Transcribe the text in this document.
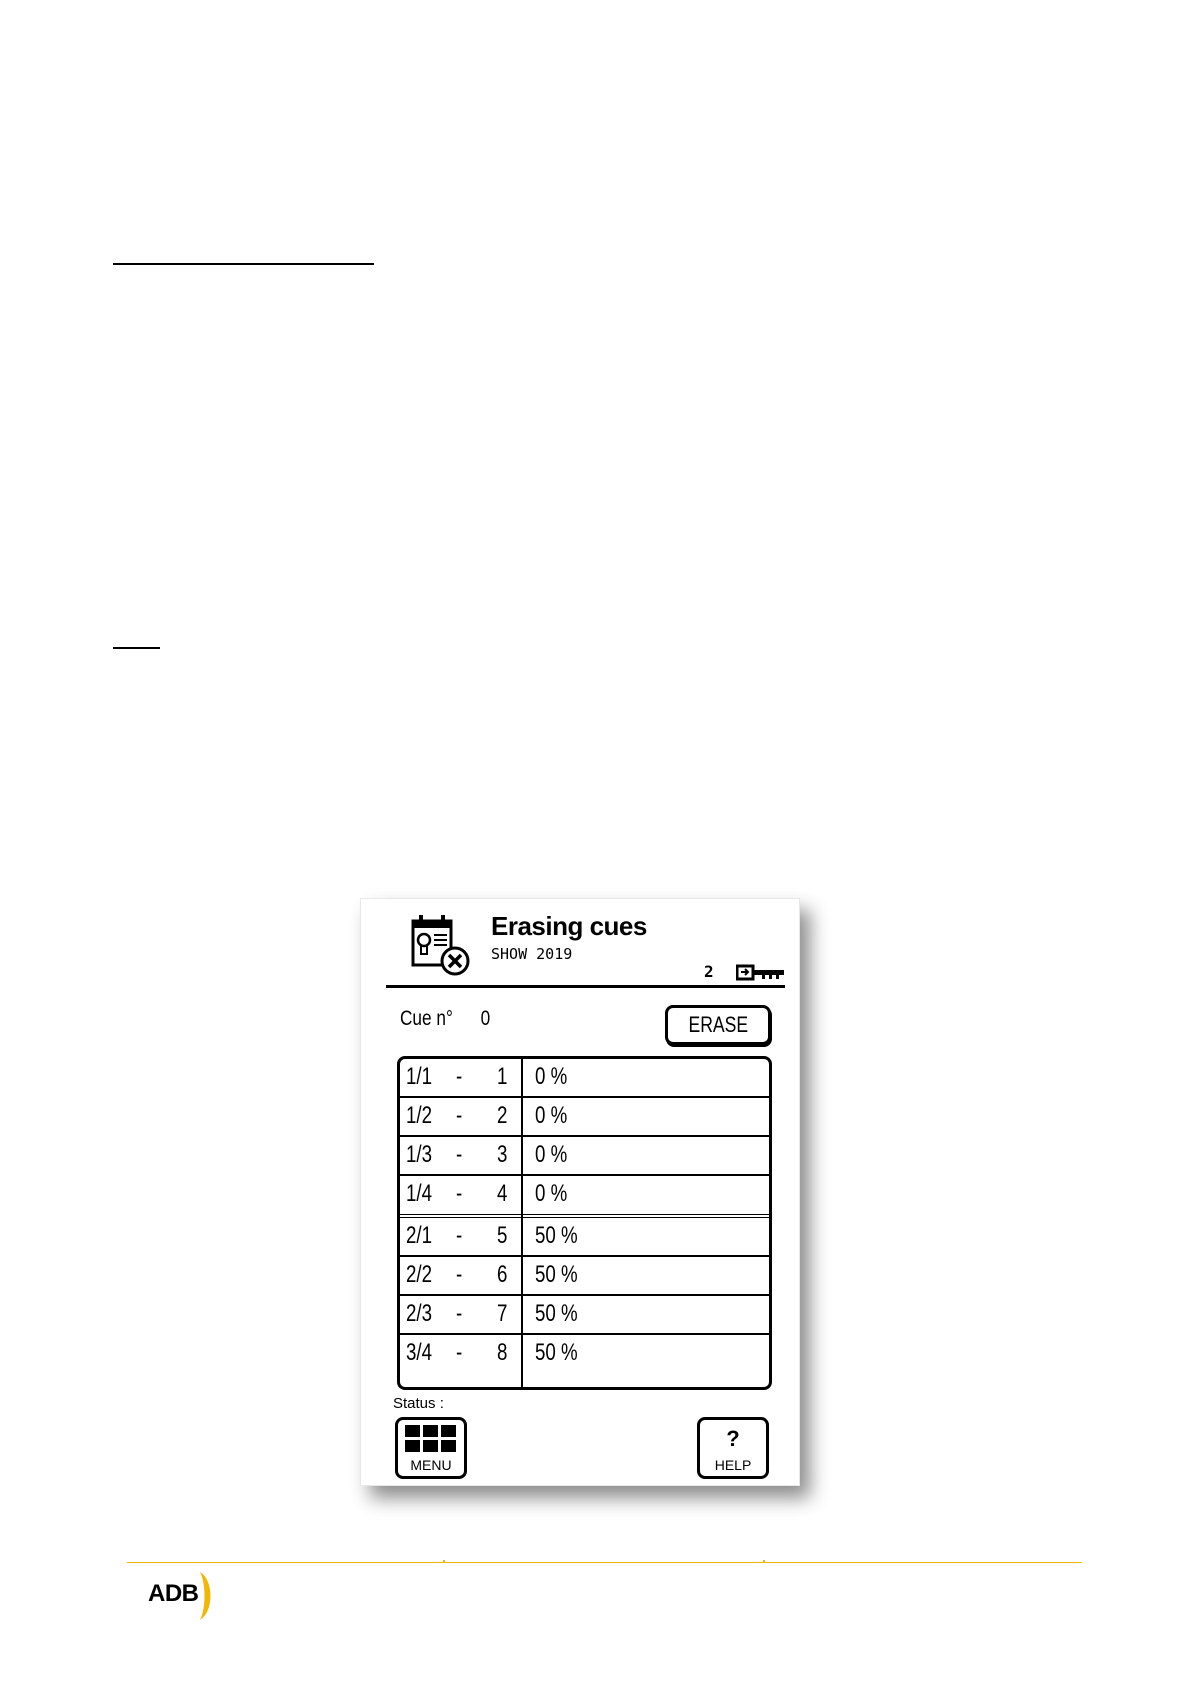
Erasing cues
SHOW 2019
2
Cue n° 0	ERASE
1/1 - 1 0 %
1/2 - 2 0 %
1/3 - 3 0 %
1/4 - 4 0 %
2/1 - 5 50 %
2/2 - 6 50 %
2/3 - 7 50 %
3/4 - 8 50 %
Status :
MENU
?
HELP
ADB
